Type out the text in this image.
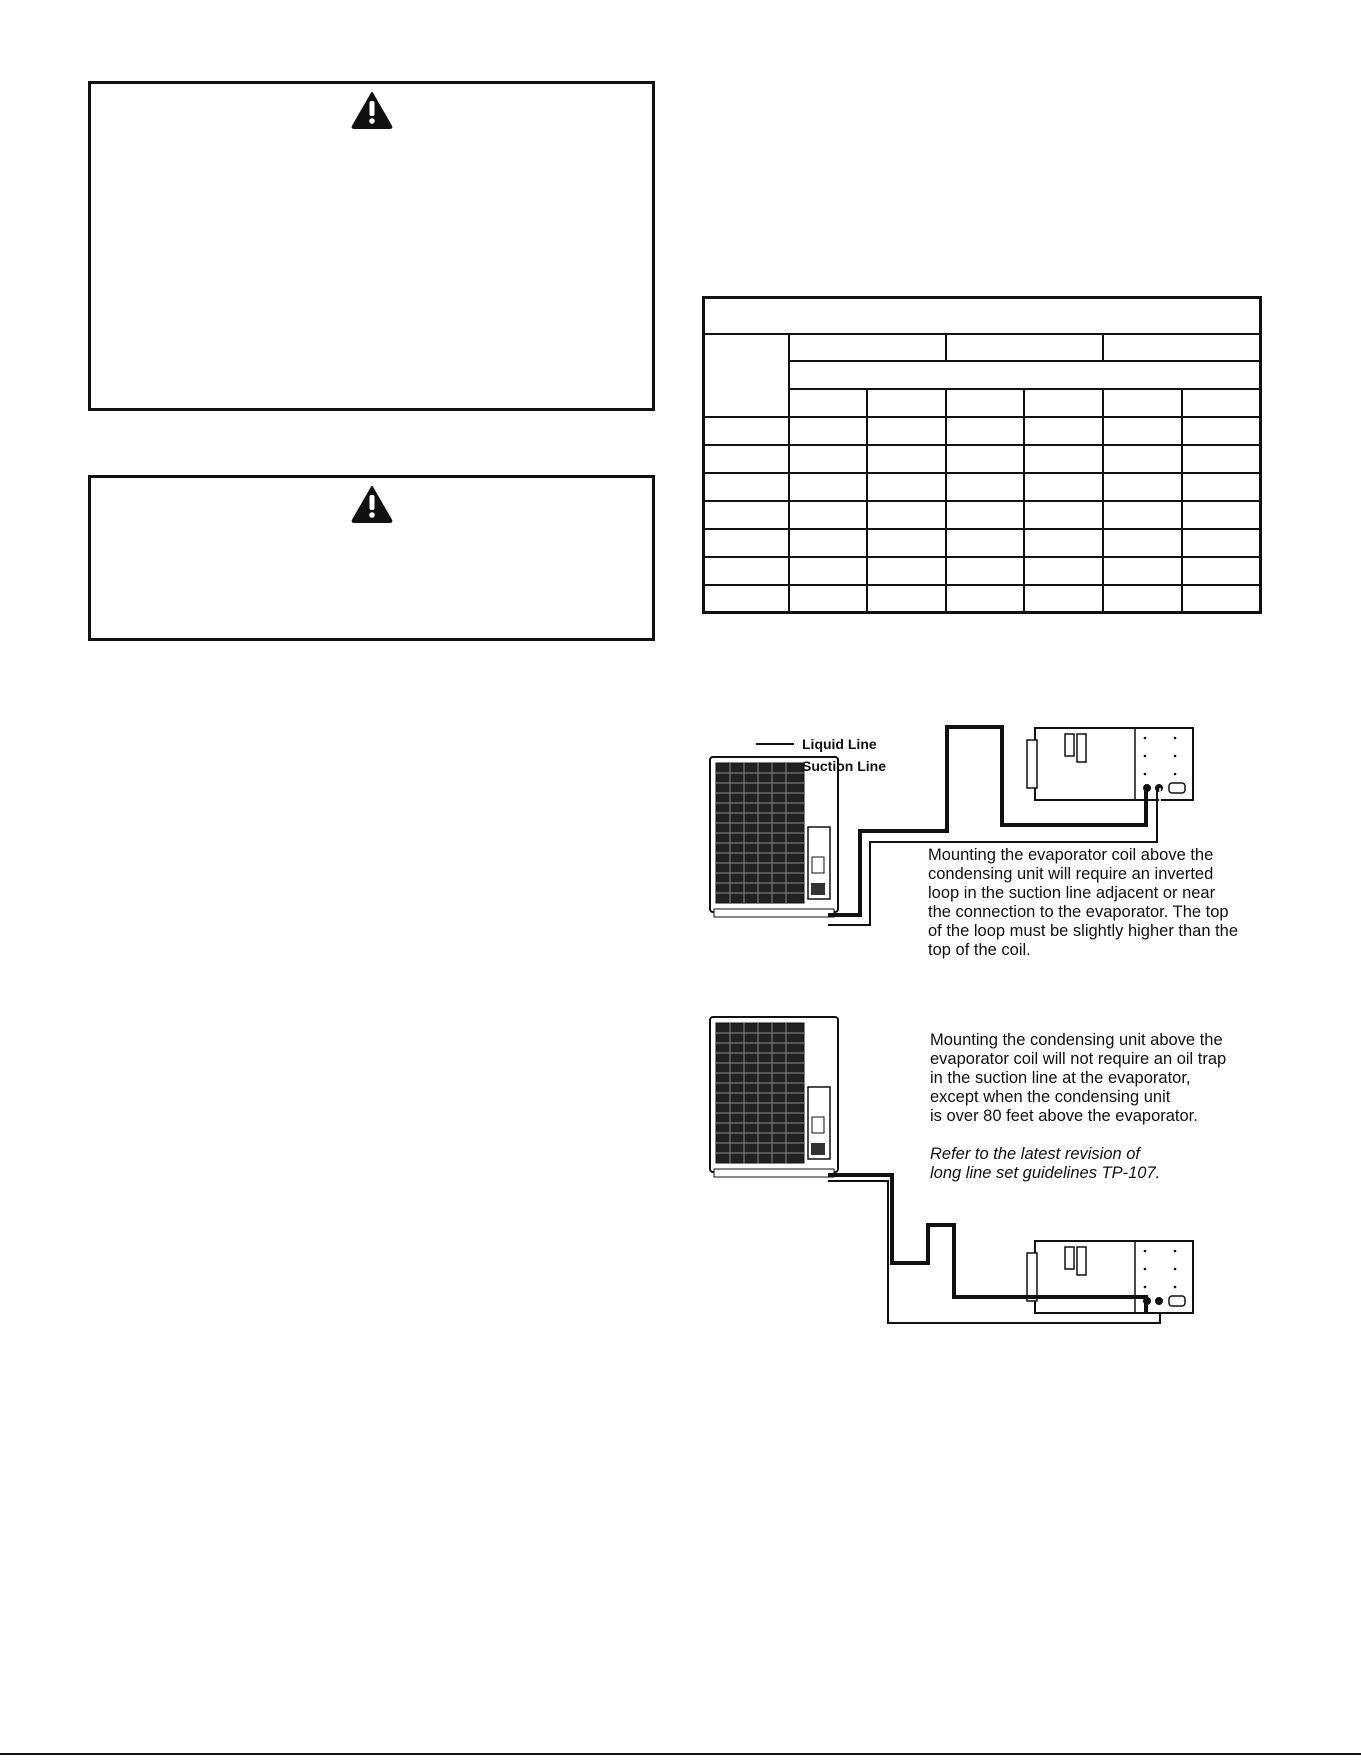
Liquid Line
Suction Line
Mounting the evaporator coil above the
condensing unit will require an inverted
loop in the suction line adjacent or near
the connection to the evaporator. The top
of the loop must be slightly higher than the
top of the coil.
Mounting the condensing unit above the
evaporator coil will not require an oil trap
in the suction line at the evaporator,
except when the condensing unit
is over 80 feet above the evaporator.
Refer to the latest revision of
long line set guidelines TP-107.
